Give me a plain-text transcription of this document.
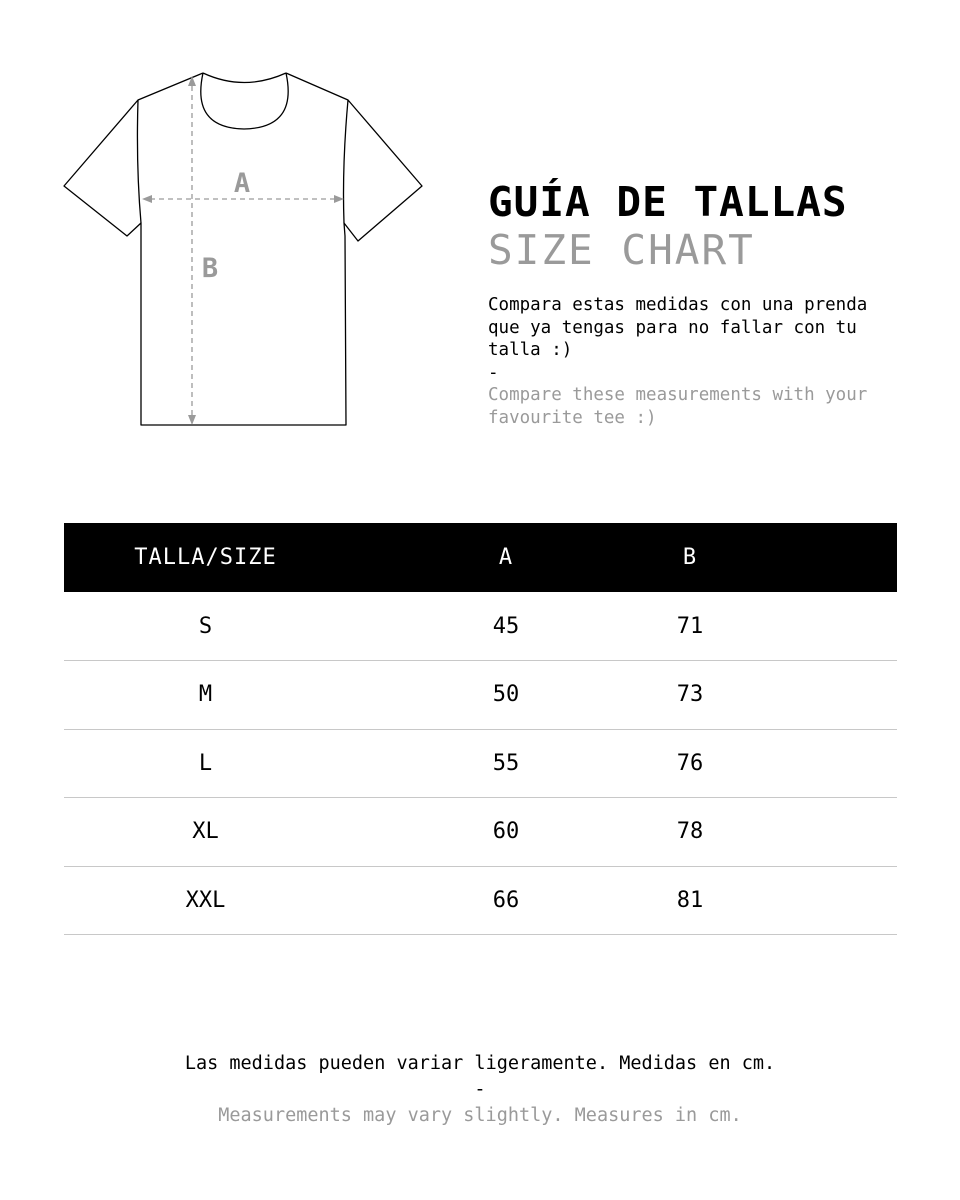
A
B
GUÍA DE TALLAS
SIZE CHART
Compara estas medidas con una prenda que ya tengas para no fallar con tu talla :)
-
Compare these measurements with your favourite tee :)
TALLA/SIZE	A	B	
S	45	71	
M	50	73	
L	55	76	
XL	60	78	
XXL	66	81	
Las medidas pueden variar ligeramente. Medidas en cm.
-
Measurements may vary slightly. Measures in cm.
